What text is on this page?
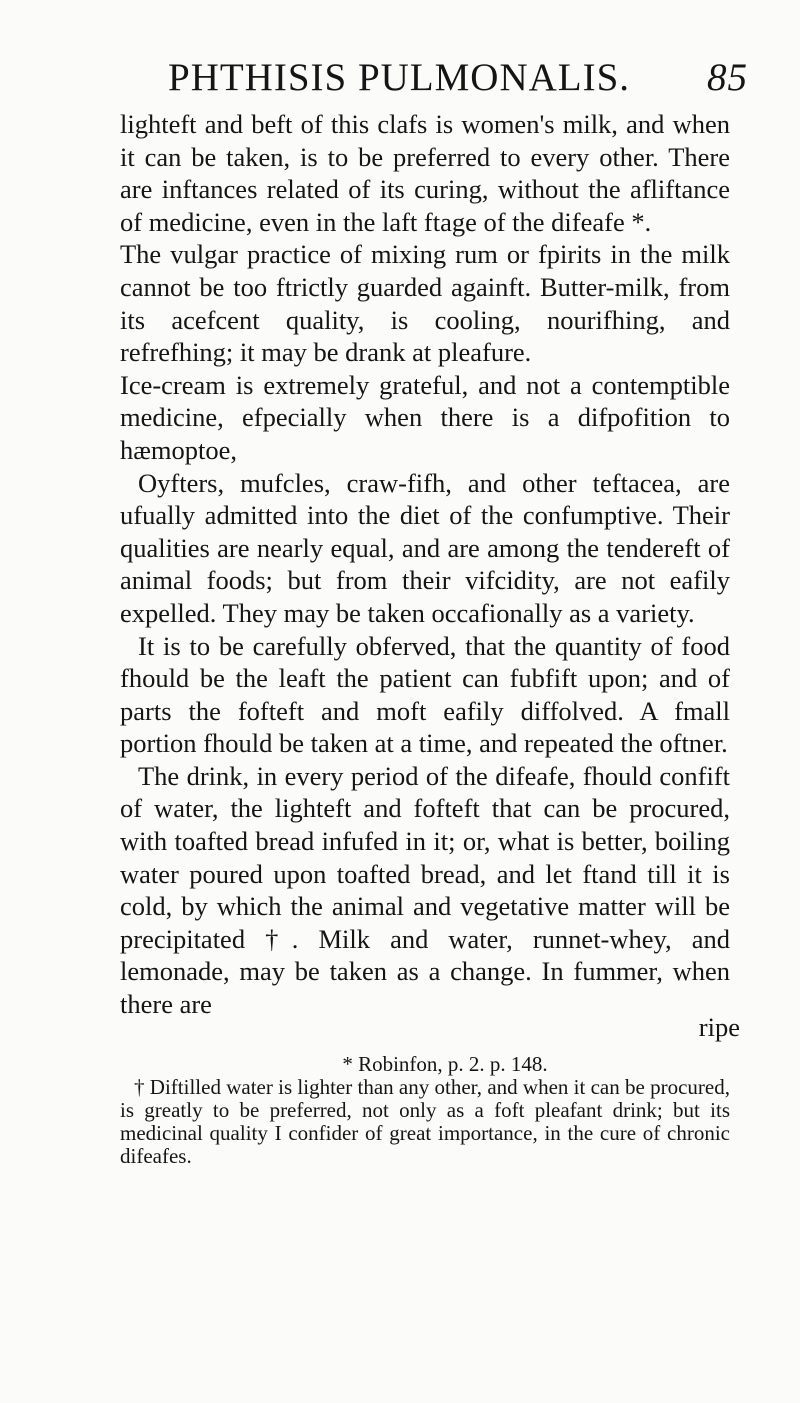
PHTHISIS PULMONALIS. 85

lighteft and beft of this clafs is women's milk, and when it can be taken, is to be preferred to every other. There are inftances related of its curing, without the afliftance of medicine, even in the laft ftage of the difeafe *.

The vulgar practice of mixing rum or fpirits in the milk cannot be too ftrictly guarded againft. Butter-milk, from its acefcent quality, is cooling, nourifhing, and refrefhing; it may be drank at pleafure.

Ice-cream is extremely grateful, and not a contemptible medicine, efpecially when there is a difpofition to hæmoptoe,

Oyfters, mufcles, craw-fifh, and other teftacea, are ufually admitted into the diet of the confumptive. Their qualities are nearly equal, and are among the tendereft of animal foods; but from their vifcidity, are not eafily expelled. They may be taken occafionally as a variety.

It is to be carefully obferved, that the quantity of food fhould be the leaft the patient can fubfift upon; and of parts the fofteft and moft eafily diffolved. A fmall portion fhould be taken at a time, and repeated the oftner.

The drink, in every period of the difeafe, fhould confift of water, the lighteft and fofteft that can be procured, with toafted bread infufed in it; or, what is better, boiling water poured upon toafted bread, and let ftand till it is cold, by which the animal and vegetative matter will be precipitated †. Milk and water, runnet-whey, and lemonade, may be taken as a change. In fummer, when there are

ripe
* Robinfon, p. 2. p. 148.

† Diftilled water is lighter than any other, and when it can be procured, is greatly to be preferred, not only as a foft pleafant drink; but its medicinal quality I confider of great importance, in the cure of chronic difeafes.
